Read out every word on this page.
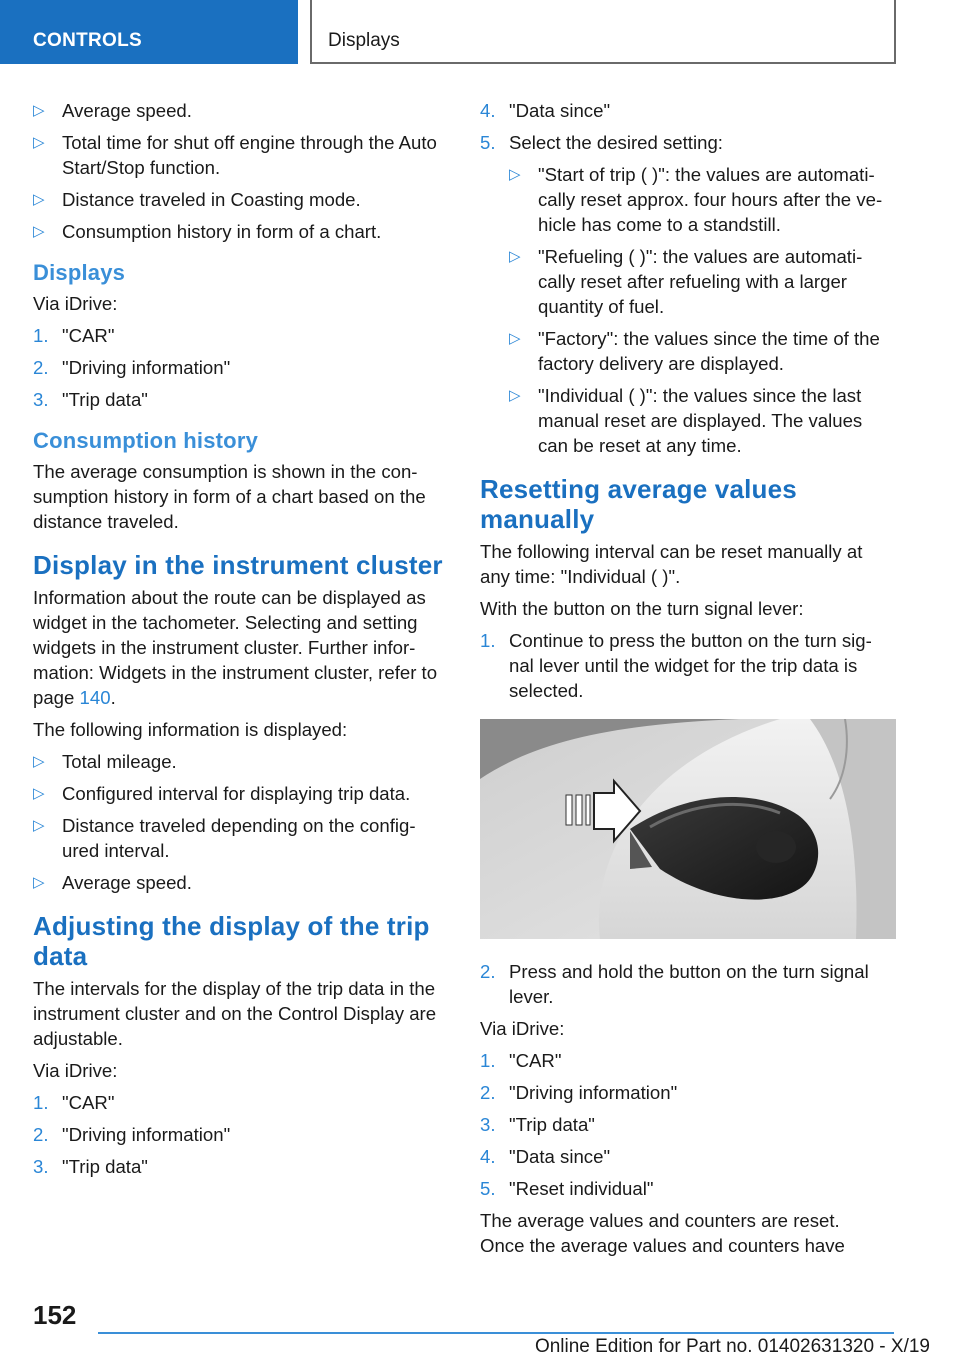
CONTROLS	Displays
▷ Average speed.
▷ Total time for shut off engine through the Auto Start/Stop function.
▷ Distance traveled in Coasting mode.
▷ Consumption history in form of a chart.
Displays
Via iDrive:
1. "CAR"
2. "Driving information"
3. "Trip data"
Consumption history
The average consumption is shown in the con‐sumption history in form of a chart based on the distance traveled.
Display in the instrument cluster
Information about the route can be displayed as widget in the tachometer. Selecting and setting widgets in the instrument cluster. Further infor‐mation: Widgets in the instrument cluster, refer to page 140.
The following information is displayed:
▷ Total mileage.
▷ Configured interval for displaying trip data.
▷ Distance traveled depending on the config‐ured interval.
▷ Average speed.
Adjusting the display of the trip data
The intervals for the display of the trip data in the instrument cluster and on the Control Display are adjustable.
Via iDrive:
1. "CAR"
2. "Driving information"
3. "Trip data"
4. "Data since"
5. Select the desired setting:
▷ "Start of trip ( )": the values are automati‐cally reset approx. four hours after the ve‐hicle has come to a standstill.
▷ "Refueling ( )": the values are automati‐cally reset after refueling with a larger quantity of fuel.
▷ "Factory": the values since the time of the factory delivery are displayed.
▷ "Individual ( )": the values since the last manual reset are displayed. The values can be reset at any time.
Resetting average values manually
The following interval can be reset manually at any time: "Individual ( )".
With the button on the turn signal lever:
1. Continue to press the button on the turn sig‐nal lever until the widget for the trip data is selected.
2. Press and hold the button on the turn signal lever.
Via iDrive:
1. "CAR"
2. "Driving information"
3. "Trip data"
4. "Data since"
5. "Reset individual"
The average values and counters are reset.
Once the average values and counters have
152
Online Edition for Part no. 01402631320 - X/19
